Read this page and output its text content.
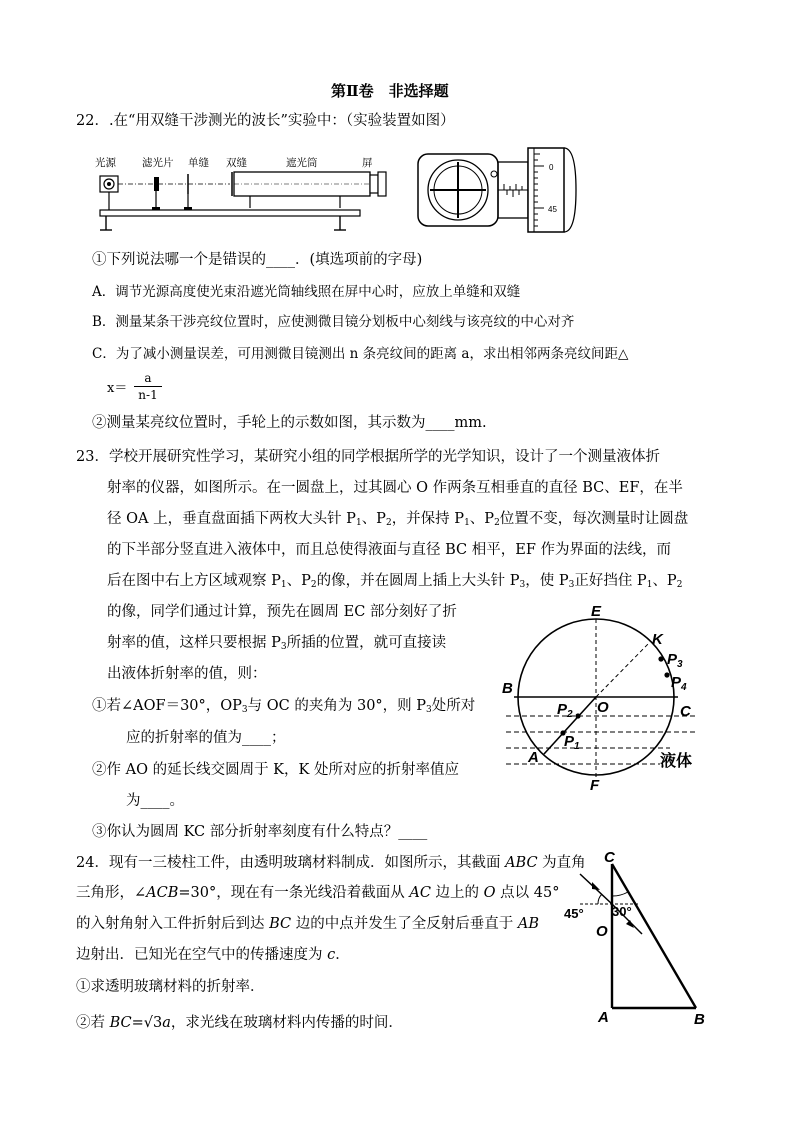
第Ⅱ卷　非选择题
22．.在“用双缝干涉测光的波长”实验中：（实验装置如图）
光源 滤光片 单缝 双缝	遮光筒	屏	0
45
①下列说法哪一个是错误的____．(填选项前的字母)
A．调节光源高度使光束沿遮光筒轴线照在屏中心时，应放上单缝和双缝
B．测量某条干涉亮纹位置时，应使测微目镜分划板中心刻线与该亮纹的中心对齐
C．为了减小测量误差，可用测微目镜测出 n 条亮纹间的距离 a，求出相邻两条亮纹间距△
x＝
a
n-1
②测量某亮纹位置时，手轮上的示数如图，其示数为____mm.
23．学校开展研究性学习，某研究小组的同学根据所学的光学知识，设计了一个测量液体折
射率的仪器，如图所示。在一圆盘上，过其圆心 O 作两条互相垂直的直径 BC、EF，在半
径 OA 上，垂直盘面插下两枚大头针 $P_1$、$P_2$，并保持 $P_1$、$P_2$位置不变，每次测量时让圆盘
的下半部分竖直进入液体中，而且总使得液面与直径 BC 相平，EF 作为界面的法线，而
后在图中右上方区域观察 $P_1$、$P_2$的像，并在圆周上插上大头针 $P_3$，使 $P_3$正好挡住 $P_1$、$P_2$
的像，同学们通过计算，预先在圆周 EC 部分刻好了折
射率的值，这样只要根据 $P_3$所插的位置，就可直接读
出液体折射率的值，则：
①若∠AOF＝30°，$OP_3$与 OC 的夹角为 30°，则 $P_3$处所对
应的折射率的值为____；
②作 AO 的延长线交圆周于 K，K 处所对应的折射率值应
为____。
③你认为圆周 KC 部分折射率刻度有什么特点？____
E
K
$P_3$
$P_4$
B
C
O
$P_2$
$P_1$
A
F
液体
24．现有一三棱柱工件，由透明玻璃材料制成．如图所示，其截面 ABC 为直角
三角形，∠ACB=30°，现在有一条光线沿着截面从 AC 边上的 O 点以 45°
的入射角射入工件折射后到达 BC 边的中点并发生了全反射后垂直于 AB
边射出．已知光在空气中的传播速度为 c．
①求透明玻璃材料的折射率．
②若 BC=√3a，求光线在玻璃材料内传播的时间．
C
A	B
O
45° 30°
